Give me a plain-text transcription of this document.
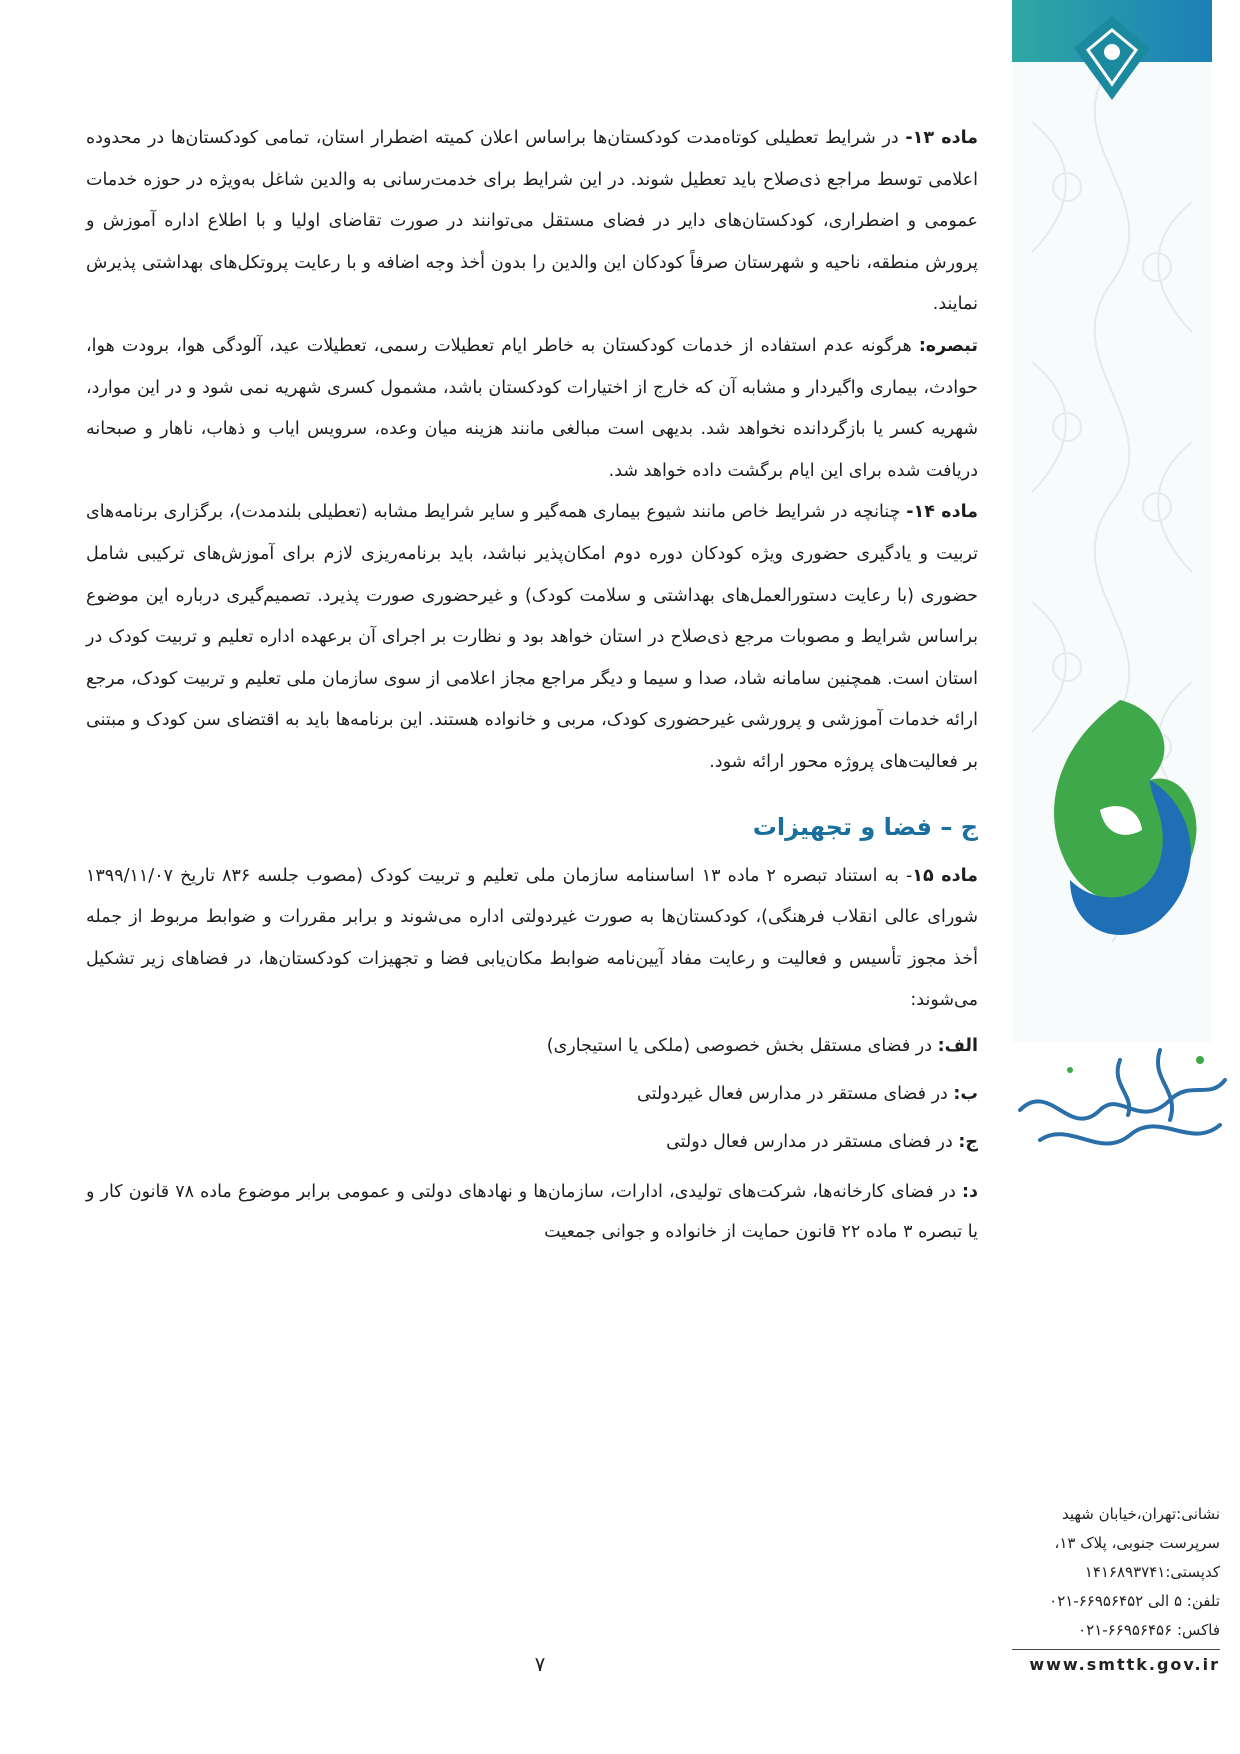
ماده ۱۳- در شرایط تعطیلی کوتاه‌مدت کودکستان‌ها براساس اعلان کمیته اضطرار استان، تمامی کودکستان‌ها در محدوده اعلامی توسط مراجع ذی‌صلاح باید تعطیل شوند. در این شرایط برای خدمت‌رسانی به والدین شاغل به‌ویژه در حوزه خدمات عمومی و اضطراری، کودکستان‌های دایر در فضای مستقل می‌توانند در صورت تقاضای اولیا و با اطلاع اداره آموزش و پرورش منطقه، ناحیه و شهرستان صرفاً کودکان این والدین را بدون أخذ وجه اضافه و با رعایت پروتکل‌های بهداشتی پذیرش نمایند.

تبصره: هرگونه عدم استفاده از خدمات کودکستان به خاطر ایام تعطیلات رسمی، تعطیلات عید، آلودگی هوا، برودت هوا، حوادث، بیماری واگیردار و مشابه آن که خارج از اختیارات کودکستان باشد، مشمول کسری شهریه نمی شود و در این موارد، شهریه کسر یا بازگردانده نخواهد شد. بدیهی است مبالغی مانند هزینه میان وعده، سرویس ایاب و ذهاب، ناهار و صبحانه دریافت شده برای این ایام برگشت داده خواهد شد.

ماده ۱۴- چنانچه در شرایط خاص مانند شیوع بیماری همه‌گیر و سایر شرایط مشابه (تعطیلی بلندمدت)، برگزاری برنامه‌های تربیت و یادگیری حضوری ویژه کودکان دوره دوم امکان‌پذیر نباشد، باید برنامه‌ریزی لازم برای آموزش‌های ترکیبی شامل حضوری (با رعایت دستورالعمل‌های بهداشتی و سلامت کودک) و غیرحضوری صورت پذیرد. تصمیم‌گیری درباره این موضوع براساس شرایط و مصوبات مرجع ذی‌صلاح در استان خواهد بود و نظارت بر اجرای آن برعهده اداره تعلیم و تربیت کودک در استان است. همچنین سامانه شاد، صدا و سیما و دیگر مراجع مجاز اعلامی از سوی سازمان ملی تعلیم و تربیت کودک، مرجع ارائه خدمات آموزشی و پرورشی غیرحضوری کودک، مربی و خانواده هستند. این برنامه‌ها باید به اقتضای سن کودک و مبتنی بر فعالیت‌های پروژه محور ارائه شود.

ج – فضا و تجهیزات

ماده ۱۵- به استناد تبصره ۲ ماده ۱۳ اساسنامه سازمان ملی تعلیم و تربیت کودک (مصوب جلسه ۸۳۶ تاریخ ۱۳۹۹/۱۱/۰۷ شورای عالی انقلاب فرهنگی)، کودکستان‌ها به صورت غیردولتی اداره می‌شوند و برابر مقررات و ضوابط مربوط از جمله أخذ مجوز تأسیس و فعالیت و رعایت مفاد آیین‌نامه ضوابط مکان‌یابی فضا و تجهیزات کودکستان‌ها، در فضاهای زیر تشکیل می‌شوند:

الف: در فضای مستقل بخش خصوصی (ملکی یا استیجاری)

ب: در فضای مستقر در مدارس فعال غیردولتی

ج: در فضای مستقر در مدارس فعال دولتی

د: در فضای کارخانه‌ها، شرکت‌های تولیدی، ادارات، سازمان‌ها و نهادهای دولتی و عمومی برابر موضوع ماده ۷۸ قانون کار و یا تبصره ۳ ماده ۲۲ قانون حمایت از خانواده و جوانی جمعیت

نشانی:تهران،خیابان شهید
سرپرست جنوبی، پلاک ۱۳،
کدپستی:۱۴۱۶۸۹۳۷۴۱
تلفن: ۵ الی ۶۶۹۵۶۴۵۲-۰۲۱
فاکس: ۶۶۹۵۶۴۵۶-۰۲۱
www.smttk.gov.ir
۷
